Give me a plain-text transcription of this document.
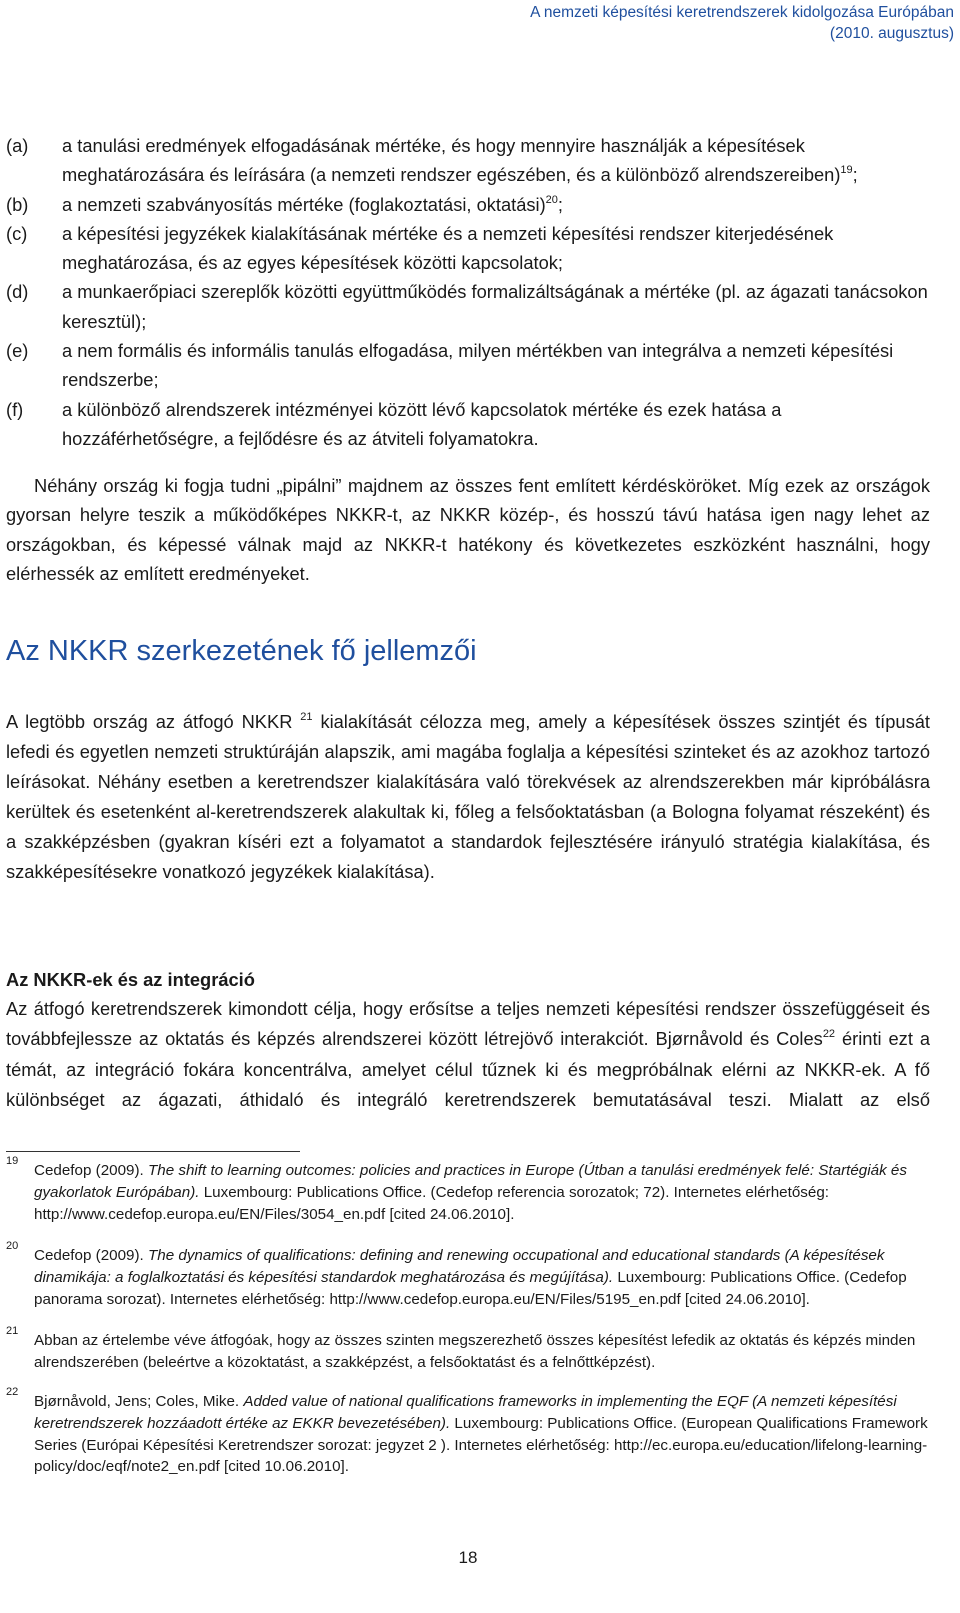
A nemzeti képesítési keretrendszerek kidolgozása Európában
(2010. augusztus)
(a) a tanulási eredmények elfogadásának mértéke, és hogy mennyire használják a képesítések meghatározására és leírására (a nemzeti rendszer egészében, és a különböző alrendszereiben)$^{19}$;
(b) a nemzeti szabványosítás mértéke (foglakoztatási, oktatási)$^{20}$;
(c) a képesítési jegyzékek kialakításának mértéke és a nemzeti képesítési rendszer kiterjedésének meghatározása, és az egyes képesítések közötti kapcsolatok;
(d) a munkaerőpiaci szereplők közötti együttműködés formalizáltságának a mértéke (pl. az ágazati tanácsokon keresztül);
(e) a nem formális és informális tanulás elfogadása, milyen mértékben van integrálva a nemzeti képesítési rendszerbe;
(f) a különböző alrendszerek intézményei között lévő kapcsolatok mértéke és ezek hatása a hozzáférhetőségre, a fejlődésre és az átviteli folyamatokra.
Néhány ország ki fogja tudni „pipálni” majdnem az összes fent említett kérdésköröket. Míg ezek az országok gyorsan helyre teszik a működőképes NKKR-t, az NKKR közép-, és hosszú távú hatása igen nagy lehet az országokban, és képessé válnak majd az NKKR-t hatékony és következetes eszközként használni, hogy elérhessék az említett eredményeket.
Az NKKR szerkezetének fő jellemzői
A legtöbb ország az átfogó NKKR $^{21}$ kialakítását célozza meg, amely a képesítések összes szintjét és típusát lefedi és egyetlen nemzeti struktúráján alapszik, ami magába foglalja a képesítési szinteket és az azokhoz tartozó leírásokat. Néhány esetben a keretrendszer kialakítására való törekvések az alrendszerekben már kipróbálásra kerültek és esetenként al-keretrendszerek alakultak ki, főleg a felsőoktatásban (a Bologna folyamat részeként) és a szakképzésben (gyakran kíséri ezt a folyamatot a standardok fejlesztésére irányuló stratégia kialakítása, és szakképesítésekre vonatkozó jegyzékek kialakítása).
Az NKKR-ek és az integráció
Az átfogó keretrendszerek kimondott célja, hogy erősítse a teljes nemzeti képesítési rendszer összefüggéseit és továbbfejlessze az oktatás és képzés alrendszerei között létrejövő interakciót. Bjørnåvold és Coles$^{22}$ érinti ezt a témát, az integráció fokára koncentrálva, amelyet célul tűznek ki és megpróbálnak elérni az NKKR-ek. A fő különbséget az ágazati, áthidaló és integráló keretrendszerek bemutatásával teszi. Mialatt az első
19
Cedefop (2009). The shift to learning outcomes: policies and practices in Europe (Útban a tanulási eredmények felé: Startégiák és gyakorlatok Európában). Luxembourg: Publications Office. (Cedefop referencia sorozatok; 72). Internetes elérhetőség: http://www.cedefop.europa.eu/EN/Files/3054_en.pdf [cited 24.06.2010].
20
Cedefop (2009). The dynamics of qualifications: defining and renewing occupational and educational standards (A képesítések dinamikája: a foglalkoztatási és képesítési standardok meghatározása és megújítása). Luxembourg: Publications Office. (Cedefop panorama sorozat). Internetes elérhetőség: http://www.cedefop.europa.eu/EN/Files/5195_en.pdf [cited 24.06.2010].
21
Abban az értelembe véve átfogóak, hogy az összes szinten megszerezhető összes képesítést lefedik az oktatás és képzés minden alrendszerében (beleértve a közoktatást, a szakképzést, a felsőoktatást és a felnőttképzést).
22
Bjørnåvold, Jens; Coles, Mike. Added value of national qualifications frameworks in implementing the EQF (A nemzeti képesítési keretrendszerek hozzáadott értéke az EKKR bevezetésében). Luxembourg: Publications Office. (European Qualifications Framework Series (Európai Képesítési Keretrendszer sorozat: jegyzet 2 ). Internetes elérhetőség: http://ec.europa.eu/education/lifelong-learning-policy/doc/eqf/note2_en.pdf [cited 10.06.2010].
18
